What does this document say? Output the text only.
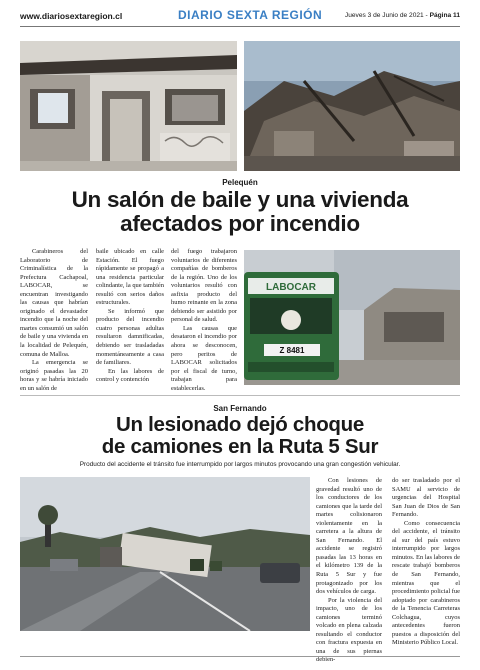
www.diariosextaregion.cl	DIARIO SEXTA REGIÓN	Jueves 3 de Junio de 2021 - Página 11
Pelequén
Un salón de baile y una vivienda
afectados por incendio

Carabineros del Laboratorio de Criminalística de la Prefectura Cachapoal, LABOCAR, se encuentran investigando las causas que habrían originado el devastador incendio que la noche del martes consumió un salón de baile y una vivienda en la localidad de Pelequén, comuna de Malloa.

La emergencia se originó pasadas las 20 horas y se habría iniciado en un salón de

baile ubicado en calle Estación. El fuego rápidamente se propagó a una residencia particular colindante, la que también resultó con serios daños estructurales.

Se informó que producto del incendio cuatro personas adultas resultaron damnificadas, debiendo ser trasladadas momentáneamente a casa de familiares.

En las labores de control y contención

del fuego trabajaron voluntarios de diferentes compañías de bomberos de la región. Uno de los voluntarios resultó con asfixia producto del humo reinante en la zona debiendo ser asistido por personal de salud.

Las causas que desataron el incendio por ahora se desconocen, pero peritos de LABOCAR solicitados por el fiscal de turno, trabajan para establecerlas.

LABOCAR
Z 8481
San Fernando
Un lesionado dejó choque
de camiones en la Ruta 5 Sur
Producto del accidente el tránsito fue interrumpido por largos minutos provocando una gran congestión vehicular.

Con lesiones de gravedad resultó uno de los conductores de los camiones que la tarde del martes colisionaron violentamente en la carretera a la altura de San Fernando. El accidente se registró pasadas las 13 horas en el kilómetro 139 de la Ruta 5 Sur y fue protagonizado por los dos vehículos de carga.

Por la violencia del impacto, uno de los camiones terminó volcado en plena calzada resultando el conductor con fractura expuesta en una de sus piernas debien-

do ser trasladado por el SAMU al servicio de urgencias del Hospital San Juan de Dios de San Fernando.

Como consecuencia del accidente, el tránsito al sur del país estuvo interrumpido por largos minutos. En las labores de rescate trabajó bomberos de San Fernando, mientras que el procedimiento policial fue adoptado por carabineros de la Tenencia Carreteras Colchagua, cuyos antecedentes fueron puestos a disposición del Ministerio Público Local.
